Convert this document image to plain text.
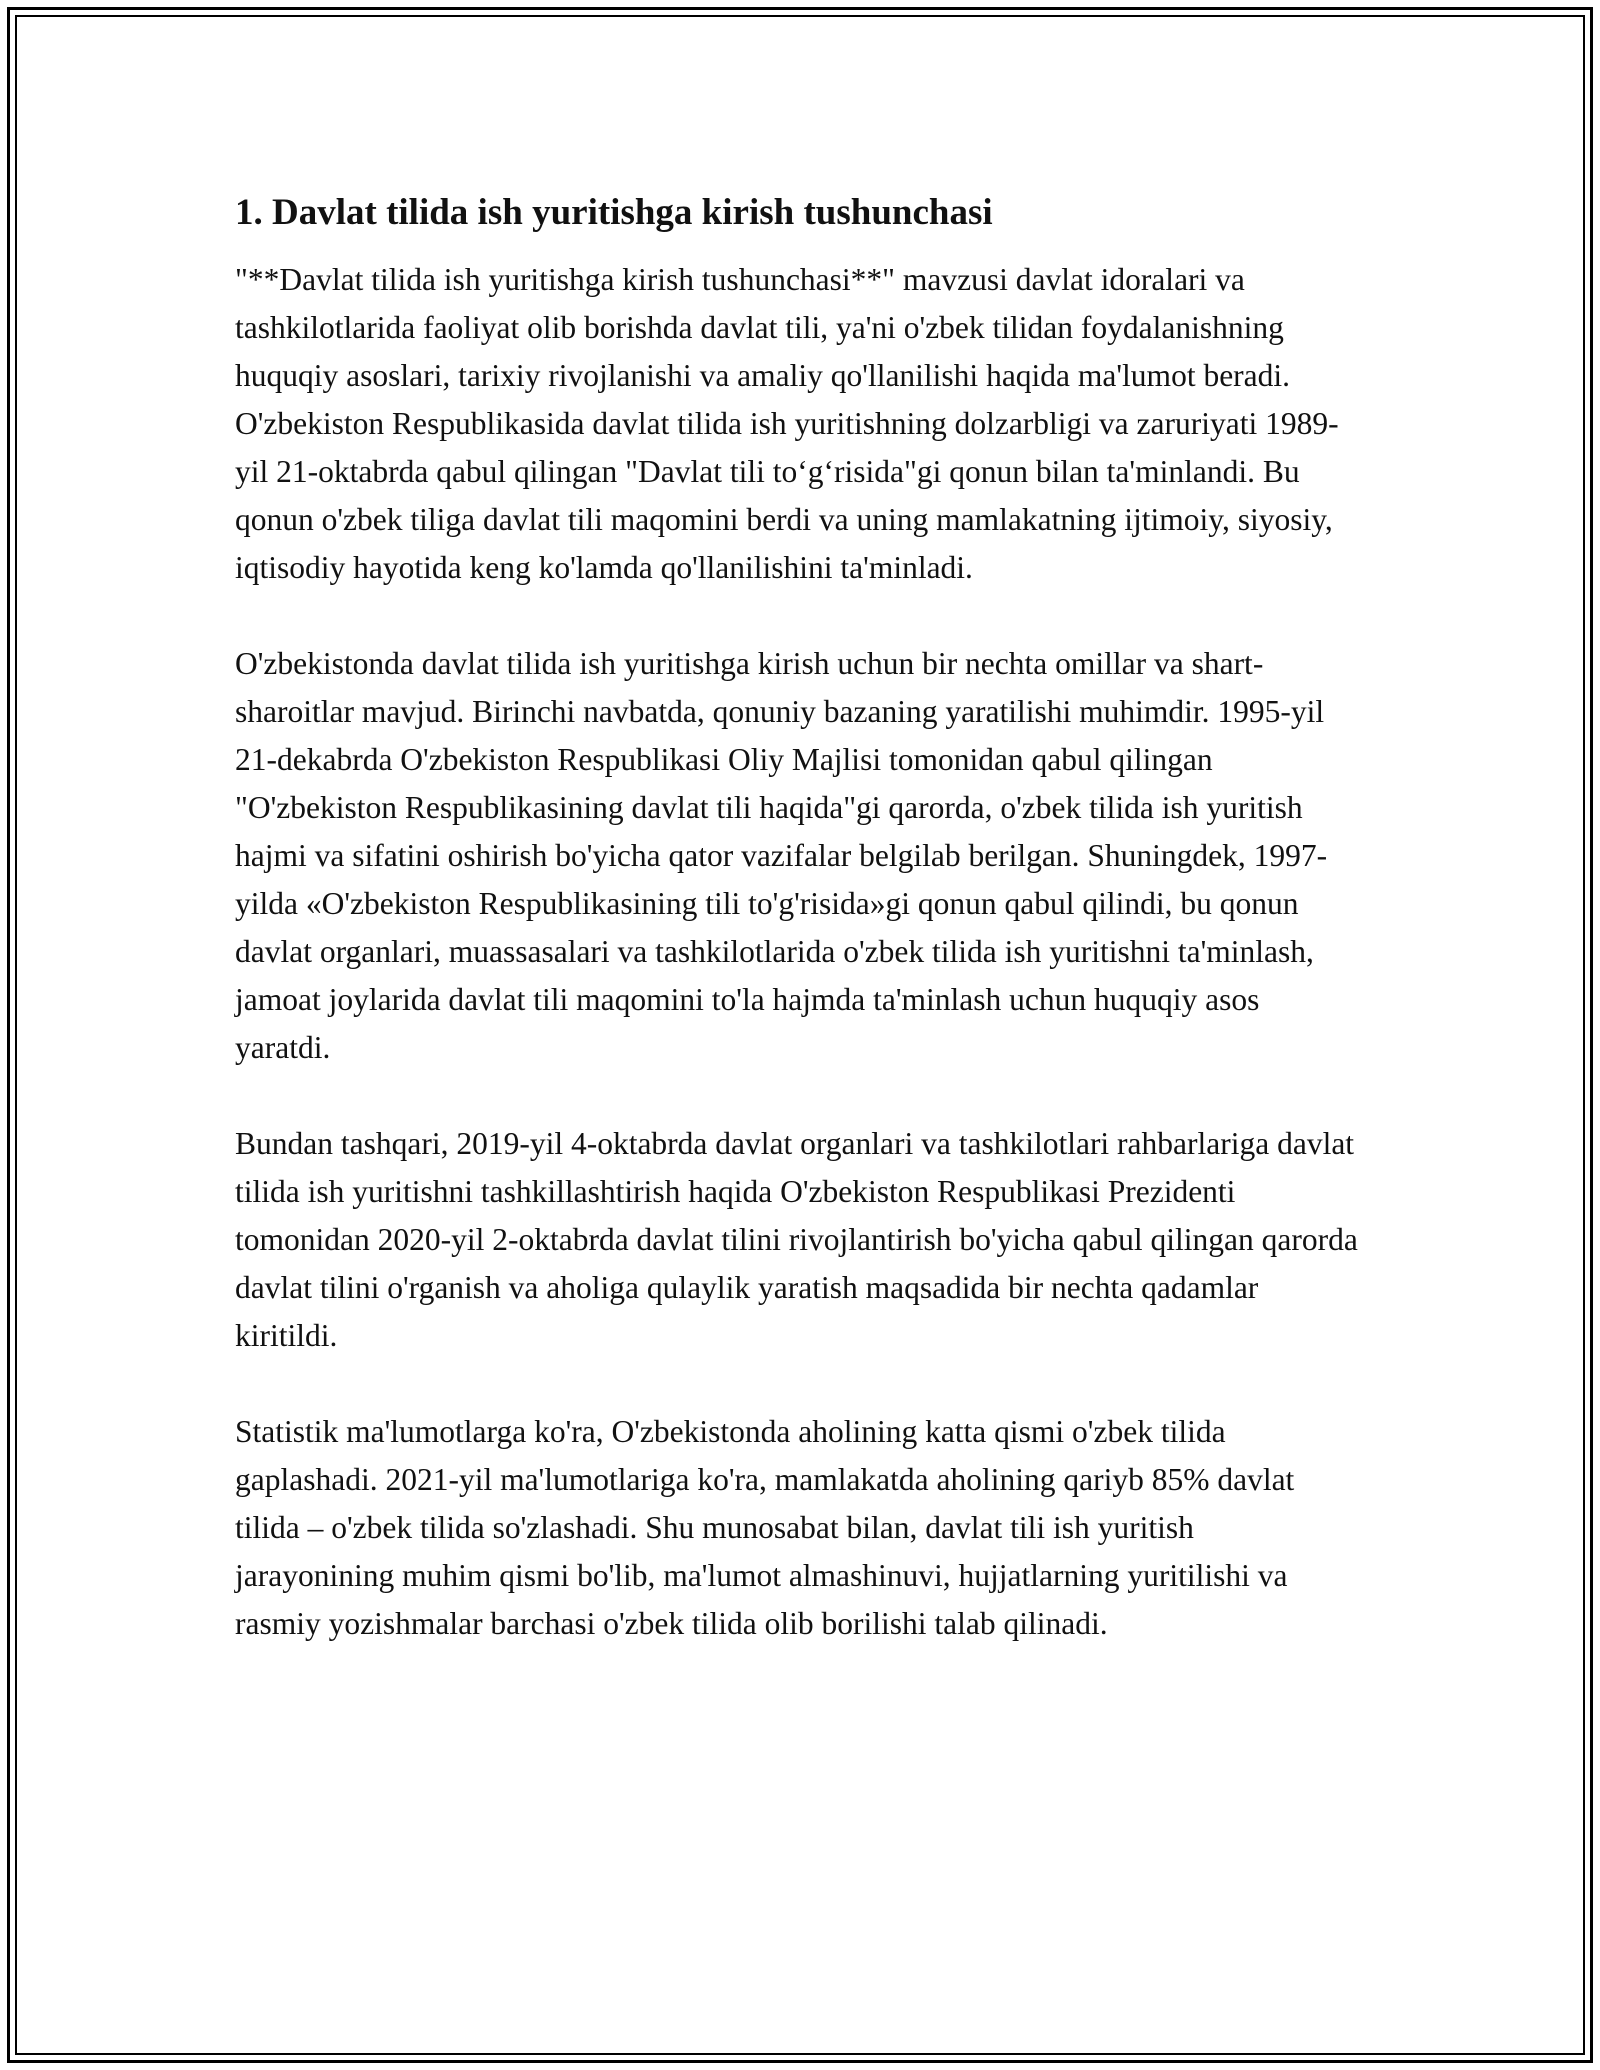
1. Davlat tilida ish yuritishga kirish tushunchasi

"**Davlat tilida ish yuritishga kirish tushunchasi**" mavzusi davlat idoralari va tashkilotlarida faoliyat olib borishda davlat tili, ya'ni o'zbek tilidan foydalanishning huquqiy asoslari, tarixiy rivojlanishi va amaliy qo'llanilishi haqida ma'lumot beradi. O'zbekiston Respublikasida davlat tilida ish yuritishning dolzarbligi va zaruriyati 1989-yil 21-oktabrda qabul qilingan "Davlat tili to‘g‘risida"gi qonun bilan ta'minlandi. Bu qonun o'zbek tiliga davlat tili maqomini berdi va uning mamlakatning ijtimoiy, siyosiy, iqtisodiy hayotida keng ko'lamda qo'llanilishini ta'minladi.

O'zbekistonda davlat tilida ish yuritishga kirish uchun bir nechta omillar va shart-sharoitlar mavjud. Birinchi navbatda, qonuniy bazaning yaratilishi muhimdir. 1995-yil 21-dekabrda O'zbekiston Respublikasi Oliy Majlisi tomonidan qabul qilingan "O'zbekiston Respublikasining davlat tili haqida"gi qarorda, o'zbek tilida ish yuritish hajmi va sifatini oshirish bo'yicha qator vazifalar belgilab berilgan. Shuningdek, 1997-yilda «O'zbekiston Respublikasining tili to'g'risida»gi qonun qabul qilindi, bu qonun davlat organlari, muassasalari va tashkilotlarida o'zbek tilida ish yuritishni ta'minlash, jamoat joylarida davlat tili maqomini to'la hajmda ta'minlash uchun huquqiy asos yaratdi.

Bundan tashqari, 2019-yil 4-oktabrda davlat organlari va tashkilotlari rahbarlariga davlat tilida ish yuritishni tashkillashtirish haqida O'zbekiston Respublikasi Prezidenti tomonidan 2020-yil 2-oktabrda davlat tilini rivojlantirish bo'yicha qabul qilingan qarorda davlat tilini o'rganish va aholiga qulaylik yaratish maqsadida bir nechta qadamlar kiritildi.

Statistik ma'lumotlarga ko'ra, O'zbekistonda aholining katta qismi o'zbek tilida gaplashadi. 2021-yil ma'lumotlariga ko'ra, mamlakatda aholining qariyb 85% davlat tilida – o'zbek tilida so'zlashadi. Shu munosabat bilan, davlat tili ish yuritish jarayonining muhim qismi bo'lib, ma'lumot almashinuvi, hujjatlarning yuritilishi va rasmiy yozishmalar barchasi o'zbek tilida olib borilishi talab qilinadi.
